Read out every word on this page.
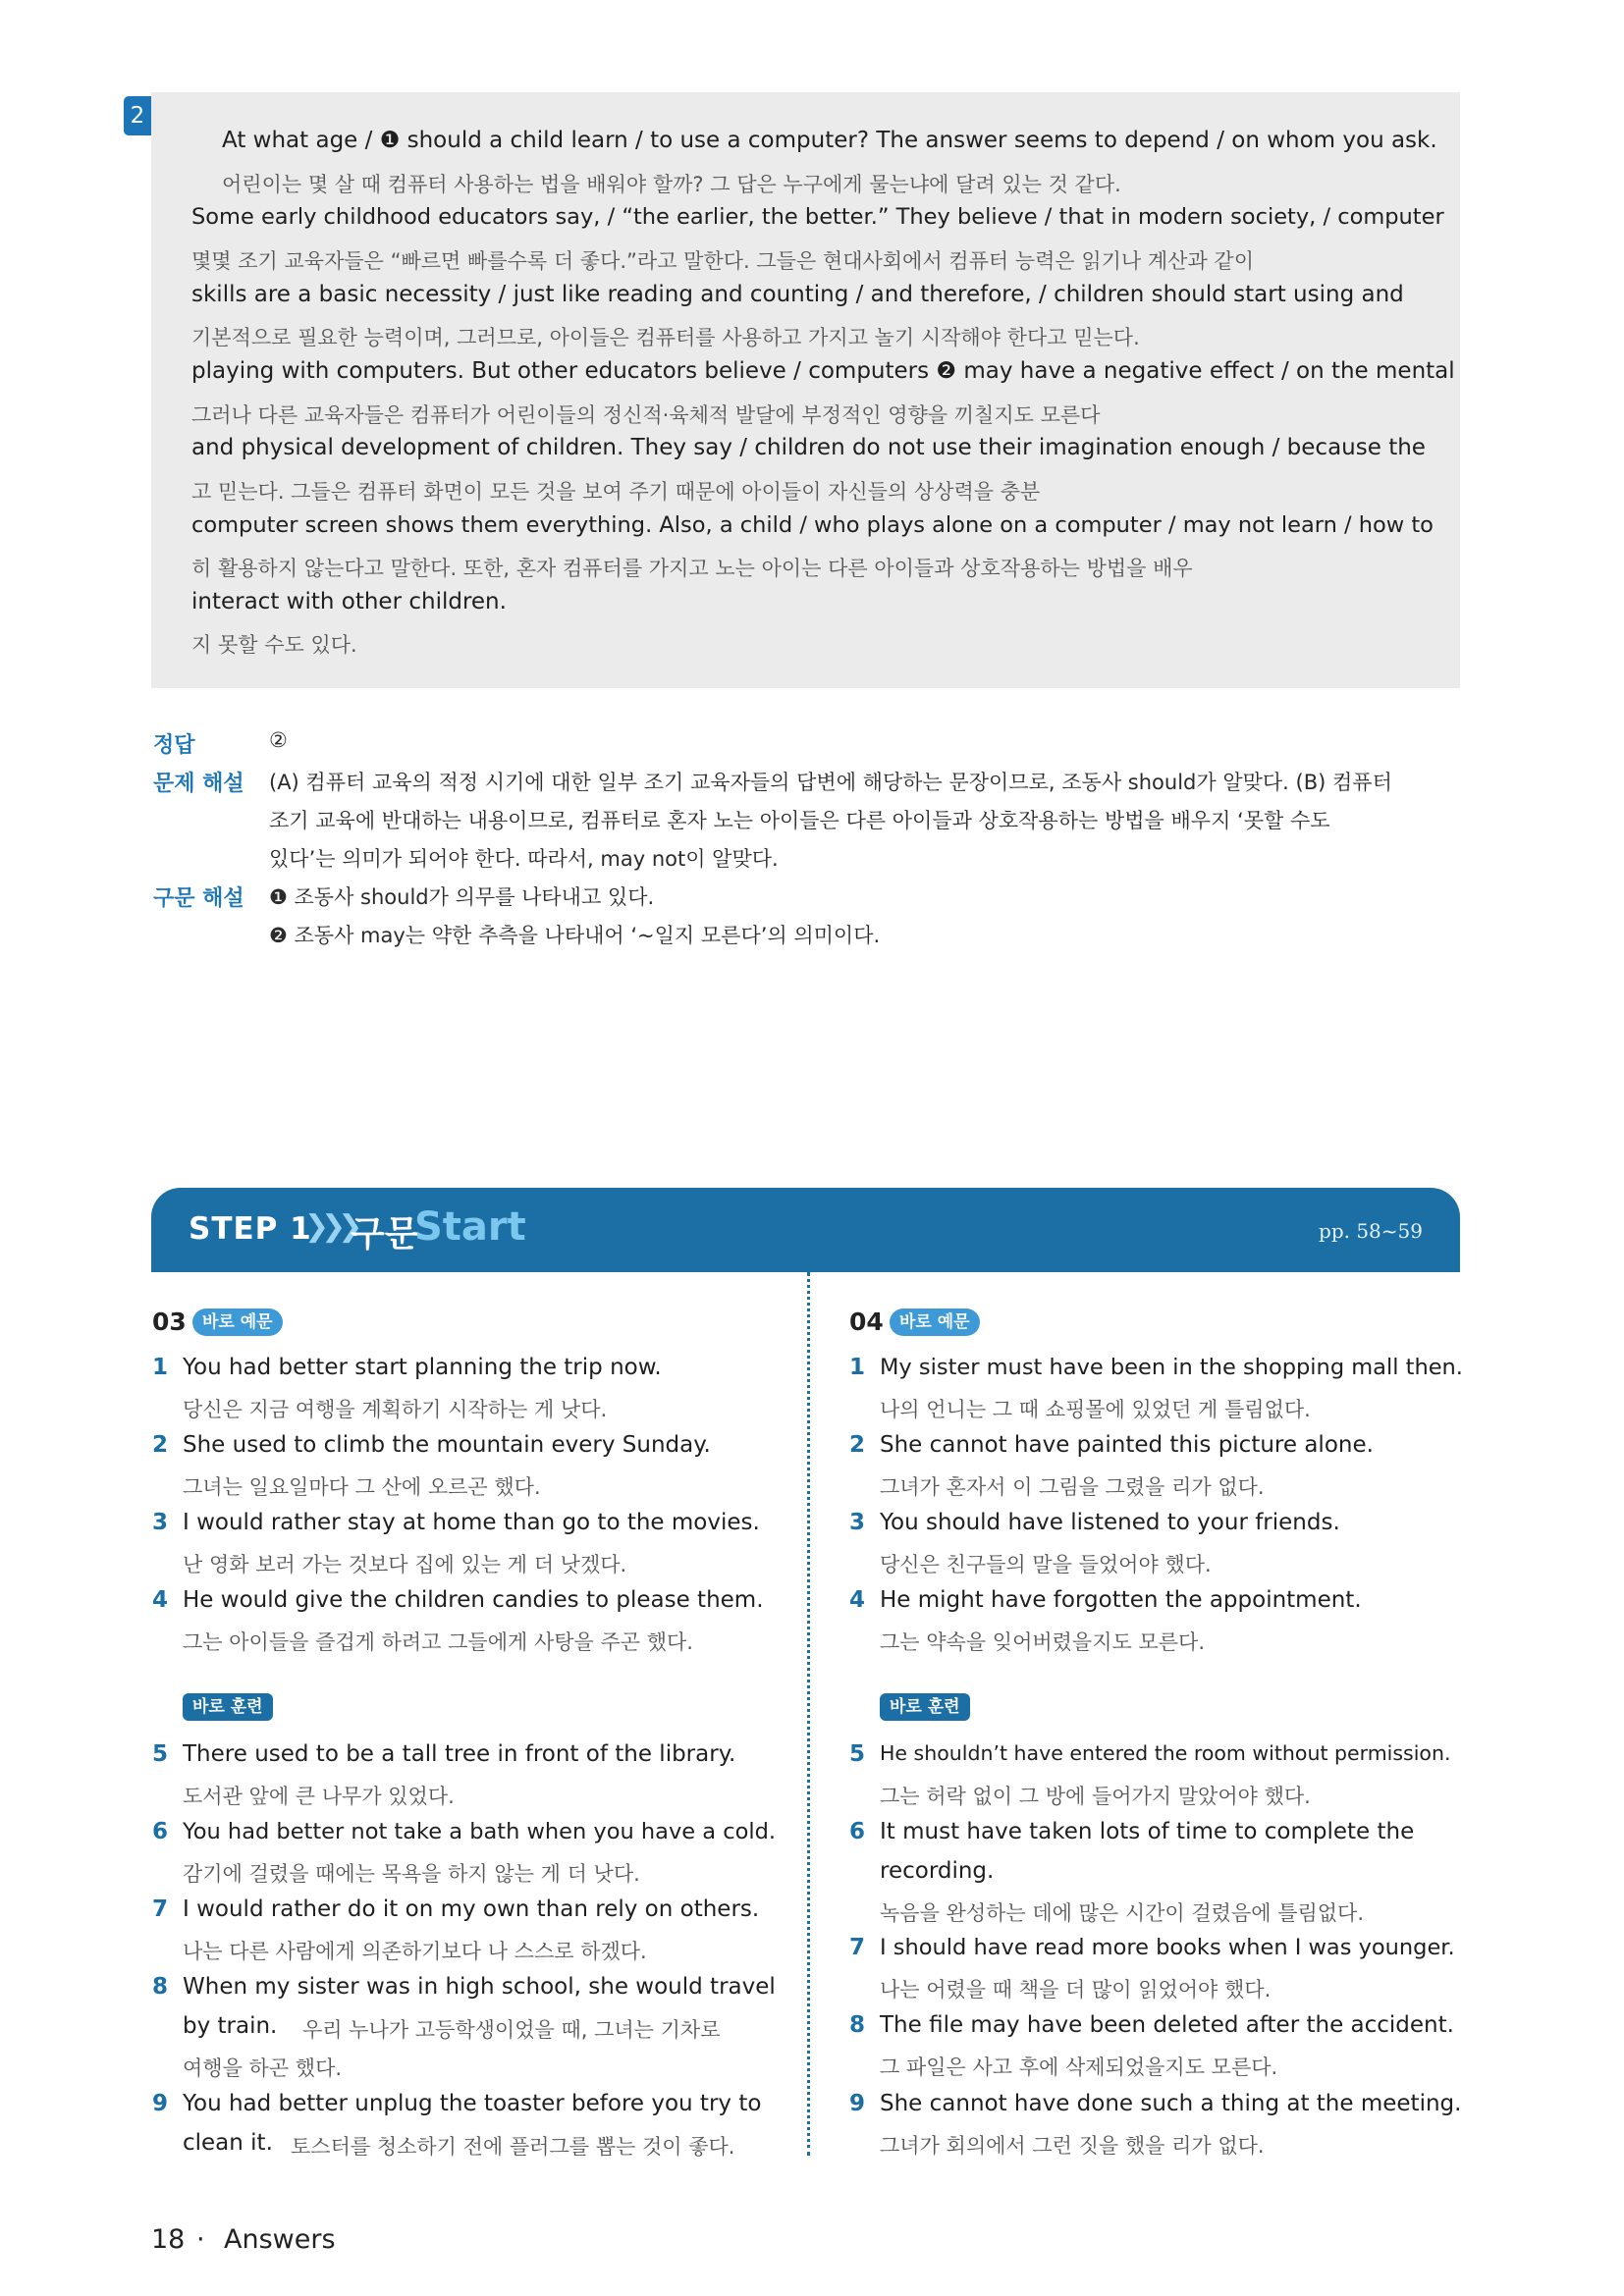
2
At what age / ❶ should a child learn / to use a computer? The answer seems to depend / on whom you ask.
어린이는 몇 살 때 컴퓨터 사용하는 법을 배워야 할까? 그 답은 누구에게 물는냐에 달려 있는 것 같다.
Some early childhood educators say, / “the earlier, the better.” They believe / that in modern society, / computer
몇몇 조기 교육자들은 “빠르면 빠를수록 더 좋다.”라고 말한다. 그들은 현대사회에서 컴퓨터 능력은 읽기나 계산과 같이
skills are a basic necessity / just like reading and counting / and therefore, / children should start using and
기본적으로 필요한 능력이며, 그러므로, 아이들은 컴퓨터를 사용하고 가지고 놀기 시작해야 한다고 믿는다.
playing with computers. But other educators believe / computers ❷ may have a negative effect / on the mental
그러나 다른 교육자들은 컴퓨터가 어린이들의 정신적·육체적 발달에 부정적인 영향을 끼칠지도 모른다
and physical development of children. They say / children do not use their imagination enough / because the
고 믿는다. 그들은 컴퓨터 화면이 모든 것을 보여 주기 때문에 아이들이 자신들의 상상력을 충분
computer screen shows them everything. Also, a child / who plays alone on a computer / may not learn / how to
히 활용하지 않는다고 말한다. 또한, 혼자 컴퓨터를 가지고 노는 아이는 다른 아이들과 상호작용하는 방법을 배우
interact with other children.
지 못할 수도 있다.
정답	②
문제 해설 (A) 컴퓨터 교육의 적정 시기에 대한 일부 조기 교육자들의 답변에 해당하는 문장이므로, 조동사 should가 알맞다. (B) 컴퓨터
조기 교육에 반대하는 내용이므로, 컴퓨터로 혼자 노는 아이들은 다른 아이들과 상호작용하는 방법을 배우지 ‘못할 수도
있다’는 의미가 되어야 한다. 따라서, may not이 알맞다.
구문 해설 ❶ 조동사 should가 의무를 나타내고 있다.
❷ 조동사 may는 약한 추측을 나타내어 ‘~일지 모른다’의 의미이다.
STEP 1
❯❯❯
구문
Start	pp. 58~59
03 바로 예문
1 You had better start planning the trip now.
당신은 지금 여행을 계획하기 시작하는 게 낫다.
2 She used to climb the mountain every Sunday.
그녀는 일요일마다 그 산에 오르곤 했다.
3 I would rather stay at home than go to the movies.
난 영화 보러 가는 것보다 집에 있는 게 더 낫겠다.
4 He would give the children candies to please them.
그는 아이들을 즐겁게 하려고 그들에게 사탕을 주곤 했다.
바로 훈련
5 There used to be a tall tree in front of the library.
도서관 앞에 큰 나무가 있었다.
6 You had better not take a bath when you have a cold.
감기에 걸렸을 때에는 목욕을 하지 않는 게 더 낫다.
7 I would rather do it on my own than rely on others.
나는 다른 사람에게 의존하기보다 나 스스로 하겠다.
8 When my sister was in high school, she would travel
by train. 우리 누나가 고등학생이었을 때, 그녀는 기차로
여행을 하곤 했다.
9 You had better unplug the toaster before you try to
clean it. 토스터를 청소하기 전에 플러그를 뽑는 것이 좋다.
04 바로 예문
1 My sister must have been in the shopping mall then.
나의 언니는 그 때 쇼핑몰에 있었던 게 틀림없다.
2 She cannot have painted this picture alone.
그녀가 혼자서 이 그림을 그렸을 리가 없다.
3 You should have listened to your friends.
당신은 친구들의 말을 들었어야 했다.
4 He might have forgotten the appointment.
그는 약속을 잊어버렸을지도 모른다.
바로 훈련
5 He shouldn’t have entered the room without permission.
그는 허락 없이 그 방에 들어가지 말았어야 했다.
6 It must have taken lots of time to complete the
recording.
녹음을 완성하는 데에 많은 시간이 걸렸음에 틀림없다.
7 I should have read more books when I was younger.
나는 어렸을 때 책을 더 많이 읽었어야 했다.
8 The file may have been deleted after the accident.
그 파일은 사고 후에 삭제되었을지도 모른다.
9 She cannot have done such a thing at the meeting.
그녀가 회의에서 그런 짓을 했을 리가 없다.
18 · Answers
